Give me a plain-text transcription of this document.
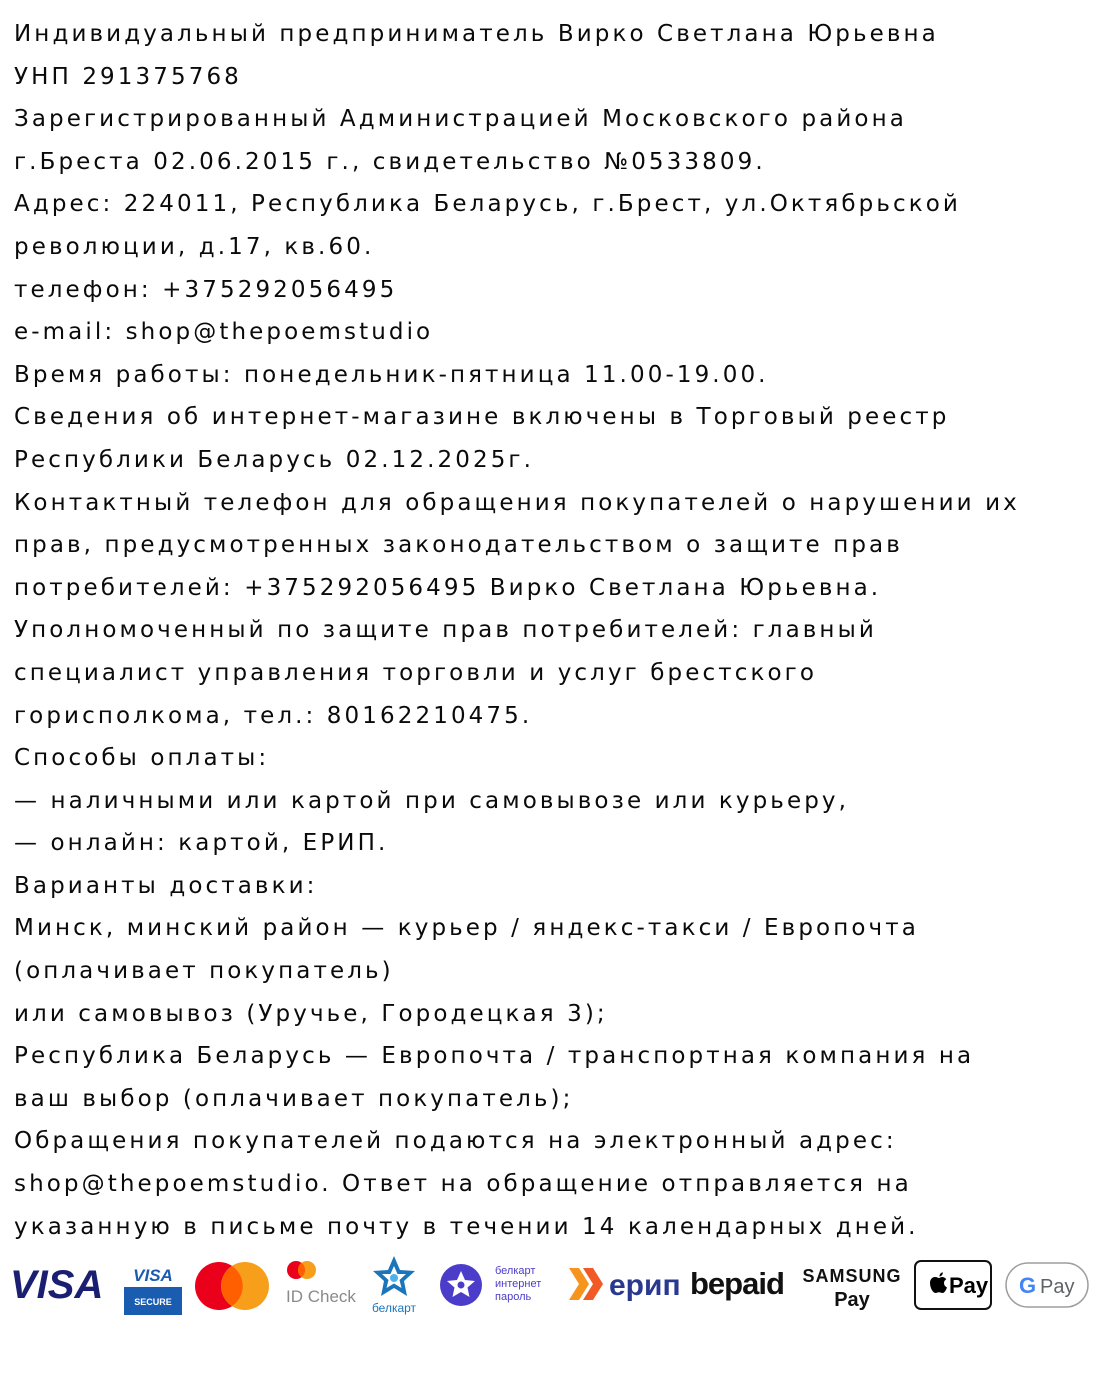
Индивидуальный предприниматель Вирко Светлана Юрьевна
УНП 291375768
Зарегистрированный Администрацией Московского района
г.Бреста 02.06.2015 г., свидетельство №0533809.
Адрес: 224011, Республика Беларусь, г.Брест, ул.Октябрьской
революции, д.17, кв.60.
телефон: +375292056495
e-mail: shop@thepoemstudio
Время работы: понедельник-пятница 11.00-19.00.
Сведения об интернет-магазине включены в Торговый реестр
Республики Беларусь 02.12.2025г.
Контактный телефон для обращения покупателей о нарушении их
прав, предусмотренных законодательством о защите прав
потребителей: +375292056495 Вирко Светлана Юрьевна.
Уполномоченный по защите прав потребителей: главный
специалист управления торговли и услуг брестского
горисполкома, тел.: 80162210475.
Способы оплаты:
— наличными или картой при самовывозе или курьеру,
— онлайн: картой, ЕРИП.
Варианты доставки:
Минск, минский район — курьер / яндекс-такси / Европочта
(оплачивает покупатель)
или самовывоз (Уручье, Городецкая 3);
Республика Беларусь — Европочта / транспортная компания на
ваш выбор (оплачивает покупатель);
Обращения покупателей подаются на электронный адрес:
shop@thepoemstudio. Ответ на обращение отправляется на
указанную в письме почту в течении 14 календарных дней.
VISA VISA
SECURE	ID Check
белкарт
белкарт
интернет
пароль	ерип bepaid SAMSUNG
Pay
Pay G Pay
